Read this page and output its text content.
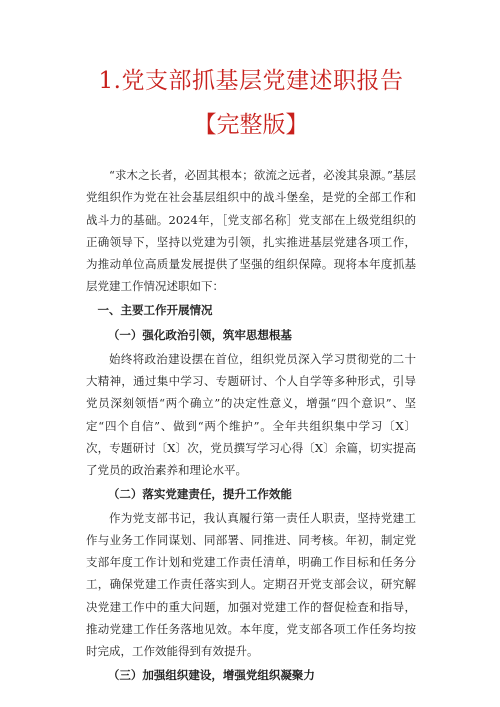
1.党支部抓基层党建述职报告
【完整版】

“求木之长者，必固其根本；欲流之远者，必浚其泉源。”基层党组织作为党在社会基层组织中的战斗堡垒，是党的全部工作和战斗力的基础。2024年，［党支部名称］党支部在上级党组织的正确领导下，坚持以党建为引领，扎实推进基层党建各项工作，为推动单位高质量发展提供了坚强的组织保障。现将本年度抓基层党建工作情况述职如下：

一、主要工作开展情况
（一）强化政治引领，筑牢思想根基

始终将政治建设摆在首位，组织党员深入学习贯彻党的二十大精神，通过集中学习、专题研讨、个人自学等多种形式，引导党员深刻领悟“两个确立”的决定性意义，增强“四个意识”、坚定“四个自信”、做到“两个维护”。全年共组织集中学习〔X〕次，专题研讨〔X〕次，党员撰写学习心得〔X〕余篇，切实提高了党员的政治素养和理论水平。

（二）落实党建责任，提升工作效能

作为党支部书记，我认真履行第一责任人职责，坚持党建工作与业务工作同谋划、同部署、同推进、同考核。年初，制定党支部年度工作计划和党建工作责任清单，明确工作目标和任务分工，确保党建工作责任落实到人。定期召开党支部会议，研究解决党建工作中的重大问题，加强对党建工作的督促检查和指导，推动党建工作任务落地见效。本年度，党支部各项工作任务均按时完成，工作效能得到有效提升。

（三）加强组织建设，增强党组织凝聚力
